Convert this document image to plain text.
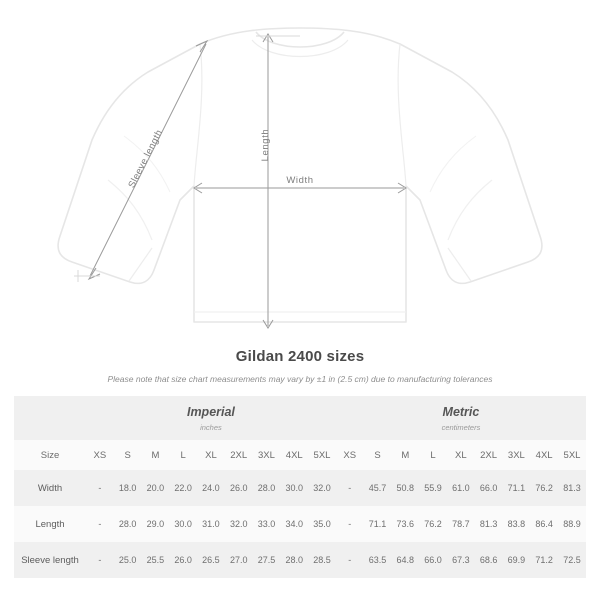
Length
Width
Sleeve length
Gildan 2400 sizes
Please note that size chart measurements may vary by ±1 in (2.5 cm) due to manufacturing tolerances

	Imperial
inches									Metric
centimeters								

Size	XS	S	M	L	XL	2XL	3XL	4XL	5XL	XS	S	M	L	XL	2XL	3XL	4XL	5XL
Width	-	18.0	20.0	22.0	24.0	26.0	28.0	30.0	32.0	-	45.7	50.8	55.9	61.0	66.0	71.1	76.2	81.3
Length	-	28.0	29.0	30.0	31.0	32.0	33.0	34.0	35.0	-	71.1	73.6	76.2	78.7	81.3	83.8	86.4	88.9
Sleeve length	-	25.0	25.5	26.0	26.5	27.0	27.5	28.0	28.5	-	63.5	64.8	66.0	67.3	68.6	69.9	71.2	72.5
